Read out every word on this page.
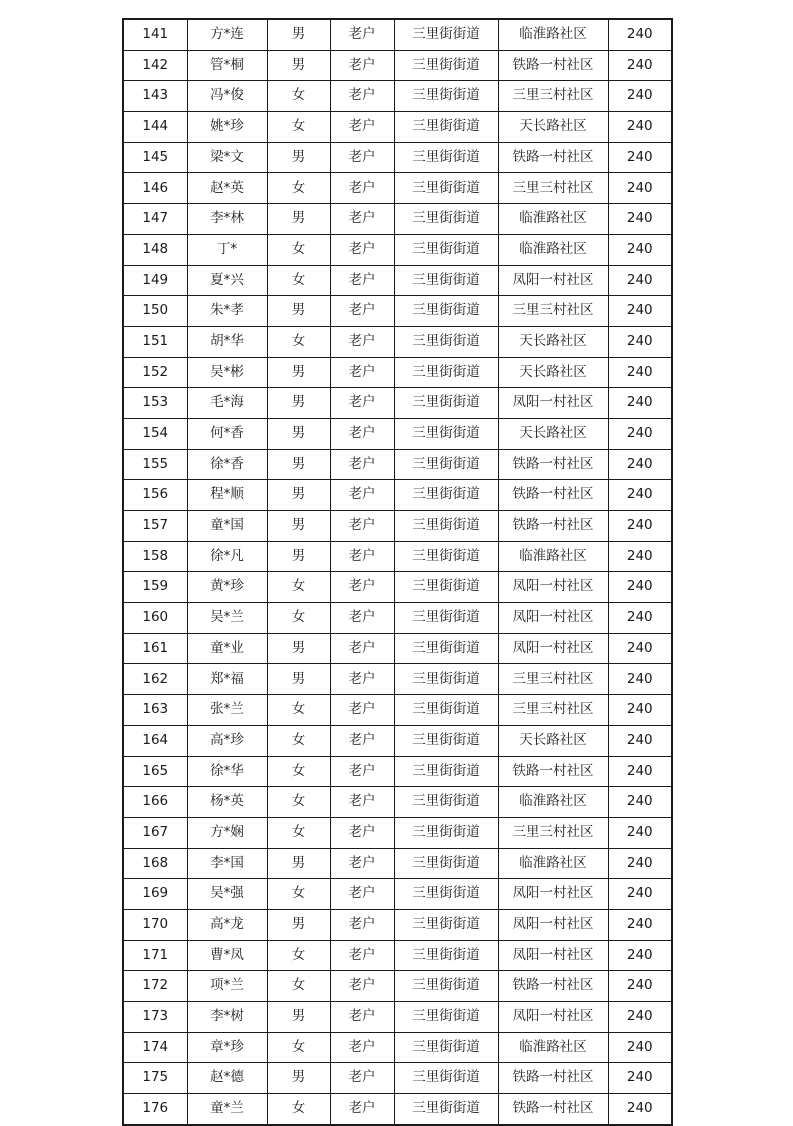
141	方*连	男	老户	三里街街道	临淮路社区	240
142	管*桐	男	老户	三里街街道	铁路一村社区	240
143	冯*俊	女	老户	三里街街道	三里三村社区	240
144	姚*珍	女	老户	三里街街道	天长路社区	240
145	梁*文	男	老户	三里街街道	铁路一村社区	240
146	赵*英	女	老户	三里街街道	三里三村社区	240
147	李*林	男	老户	三里街街道	临淮路社区	240
148	丁*	女	老户	三里街街道	临淮路社区	240
149	夏*兴	女	老户	三里街街道	凤阳一村社区	240
150	朱*孝	男	老户	三里街街道	三里三村社区	240
151	胡*华	女	老户	三里街街道	天长路社区	240
152	吴*彬	男	老户	三里街街道	天长路社区	240
153	毛*海	男	老户	三里街街道	凤阳一村社区	240
154	何*香	男	老户	三里街街道	天长路社区	240
155	徐*香	男	老户	三里街街道	铁路一村社区	240
156	程*顺	男	老户	三里街街道	铁路一村社区	240
157	童*国	男	老户	三里街街道	铁路一村社区	240
158	徐*凡	男	老户	三里街街道	临淮路社区	240
159	黄*珍	女	老户	三里街街道	凤阳一村社区	240
160	吴*兰	女	老户	三里街街道	凤阳一村社区	240
161	童*业	男	老户	三里街街道	凤阳一村社区	240
162	郑*福	男	老户	三里街街道	三里三村社区	240
163	张*兰	女	老户	三里街街道	三里三村社区	240
164	高*珍	女	老户	三里街街道	天长路社区	240
165	徐*华	女	老户	三里街街道	铁路一村社区	240
166	杨*英	女	老户	三里街街道	临淮路社区	240
167	方*娴	女	老户	三里街街道	三里三村社区	240
168	李*国	男	老户	三里街街道	临淮路社区	240
169	吴*强	女	老户	三里街街道	凤阳一村社区	240
170	高*龙	男	老户	三里街街道	凤阳一村社区	240
171	曹*凤	女	老户	三里街街道	凤阳一村社区	240
172	项*兰	女	老户	三里街街道	铁路一村社区	240
173	李*树	男	老户	三里街街道	凤阳一村社区	240
174	章*珍	女	老户	三里街街道	临淮路社区	240
175	赵*德	男	老户	三里街街道	铁路一村社区	240
176	童*兰	女	老户	三里街街道	铁路一村社区	240
